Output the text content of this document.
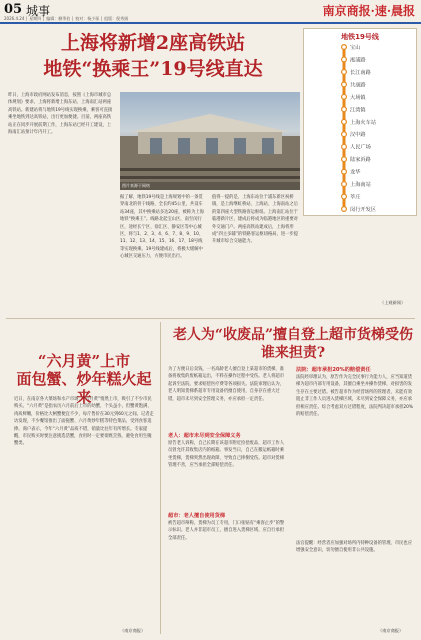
05 城事
2026.4.24 │ 星期四 │ 编辑：柳季伯 │ 校对：杨少琛 │ 组版：倪秀娟
南京商报·速·晨报
上海将新增2座高铁站
地铁“换乘王”19号线直达
地铁19号线
宝山
淞浦路
长江南路
共康路
大场镇
江湾镇
上海火车站
汉中路
人民广场
陆家浜路
龙华
上海南站
莘庄
闵行开发区
昨日，上海市政府网站发布消息，按照《上海市城市总体规划》要求，上海将新增上海东站、上海南汇站两座高铁站。新建站将与地铁19号线实现换乘，乘客可直接乘坐地铁到达高铁站，出行更加便捷。目前，两座高铁站正在同步开展前期工作，上海东站已经开工建设，上海南汇站预计年内开工。
图片来源于网络
据了解，地铁19号线是上海规划中的一条贯穿南北的骨干线路，全长约45公里，共设车站34座，其中换乘站多达20座，被称为上海地铁“换乘王”。线路北起宝山区，南至闵行区，途经长宁区、徐汇区、静安区等中心城区，将与1、2、3、4、6、7、8、9、10、11、12、13、14、15、16、17、18号线等实现换乘。19号线建成后，将极大缓解中心城区交通压力，方便市民出行。
值得一提的是，上海东站位于浦东新区祝桥镇，是上海继虹桥站、上海站、上海南站之后的第四座大型铁路客运枢纽。上海南汇站位于临港新片区，建成后将成为临港地区的重要对外交通门户。两座高铁站建成后，上海将形成“四主多辅”的铁路客运枢纽格局，进一步提升城市综合交通能力。
（上观新闻）
老人为“收废品”擅自登上超市货梯受伤
谁来担责?
为了方便日后卖钱，一名高龄老人擅自登上某超市的货梯，准备将收集的废纸箱运出，不料在操作过程中受伤。老人将超市起诉至法院，要求赔偿医疗费等各项损失。法院审理后认为，老人明知货梯系超市专用设备仍擅自使用，自身存在重大过错，超市未尽到安全管理义务，亦应承担一定责任。
老人：超市未尽到安全保障义务
原告老人诉称，自己长期在该超市附近捡拾废品，超市工作人员曾允许其收集店内的纸箱。事发当日，自己在搬运纸箱时乘坐货梯，货梯突然出现故障，导致自己摔倒受伤。超市对货梯管理不善，应当承担全部赔偿责任。
超市：老人擅自使用货梯
被告超市辩称，货梯为员工专用，门口张贴有“乘客止步”的警示标识。老人并非超市员工，擅自进入货梯区域，应自行承担全部责任。
法院：超市承担20%的赔偿责任
法院经审理认为，原告作为完全民事行为能力人，应当知道货梯为超市内部专用设备，其擅自乘坐并操作货梯，对损害的发生存在主要过错。被告超市作为经营场所的管理者，未能有效阻止非工作人员进入货梯区域，未尽到安全保障义务，亦应承担相应责任。综合考虑双方过错程度，法院判决超市承担20%的赔偿责任。
法官提醒：经营者应加强对场所内特种设备的管理，市民也应增强安全意识，切勿擅自使用非公共设施。
（南京商报）
“六月黄”上市
面包蟹、炒年糕火起来
近日，在南京各大菜场和水产市场，“六月黄”悄然上市，吸引了不少市民购买。“六月黄”是指农历六月前后上市的幼蟹，个头虽小，但蟹黄饱满、肉质鲜嫩，价格比大闸蟹便宜不少，每斤售价在30元到60元之间。记者走访发现，不少餐馆推出了面拖蟹、六月黄炒年糕等特色菜品，受到食客追捧。商户表示，今年“六月黄”品质不错，销量比往年有所增长。专家提醒，市民购买时要注意挑选活蟹，食用时一定要彻底烹熟，避免食用生腌蟹类。
（南京商报）
